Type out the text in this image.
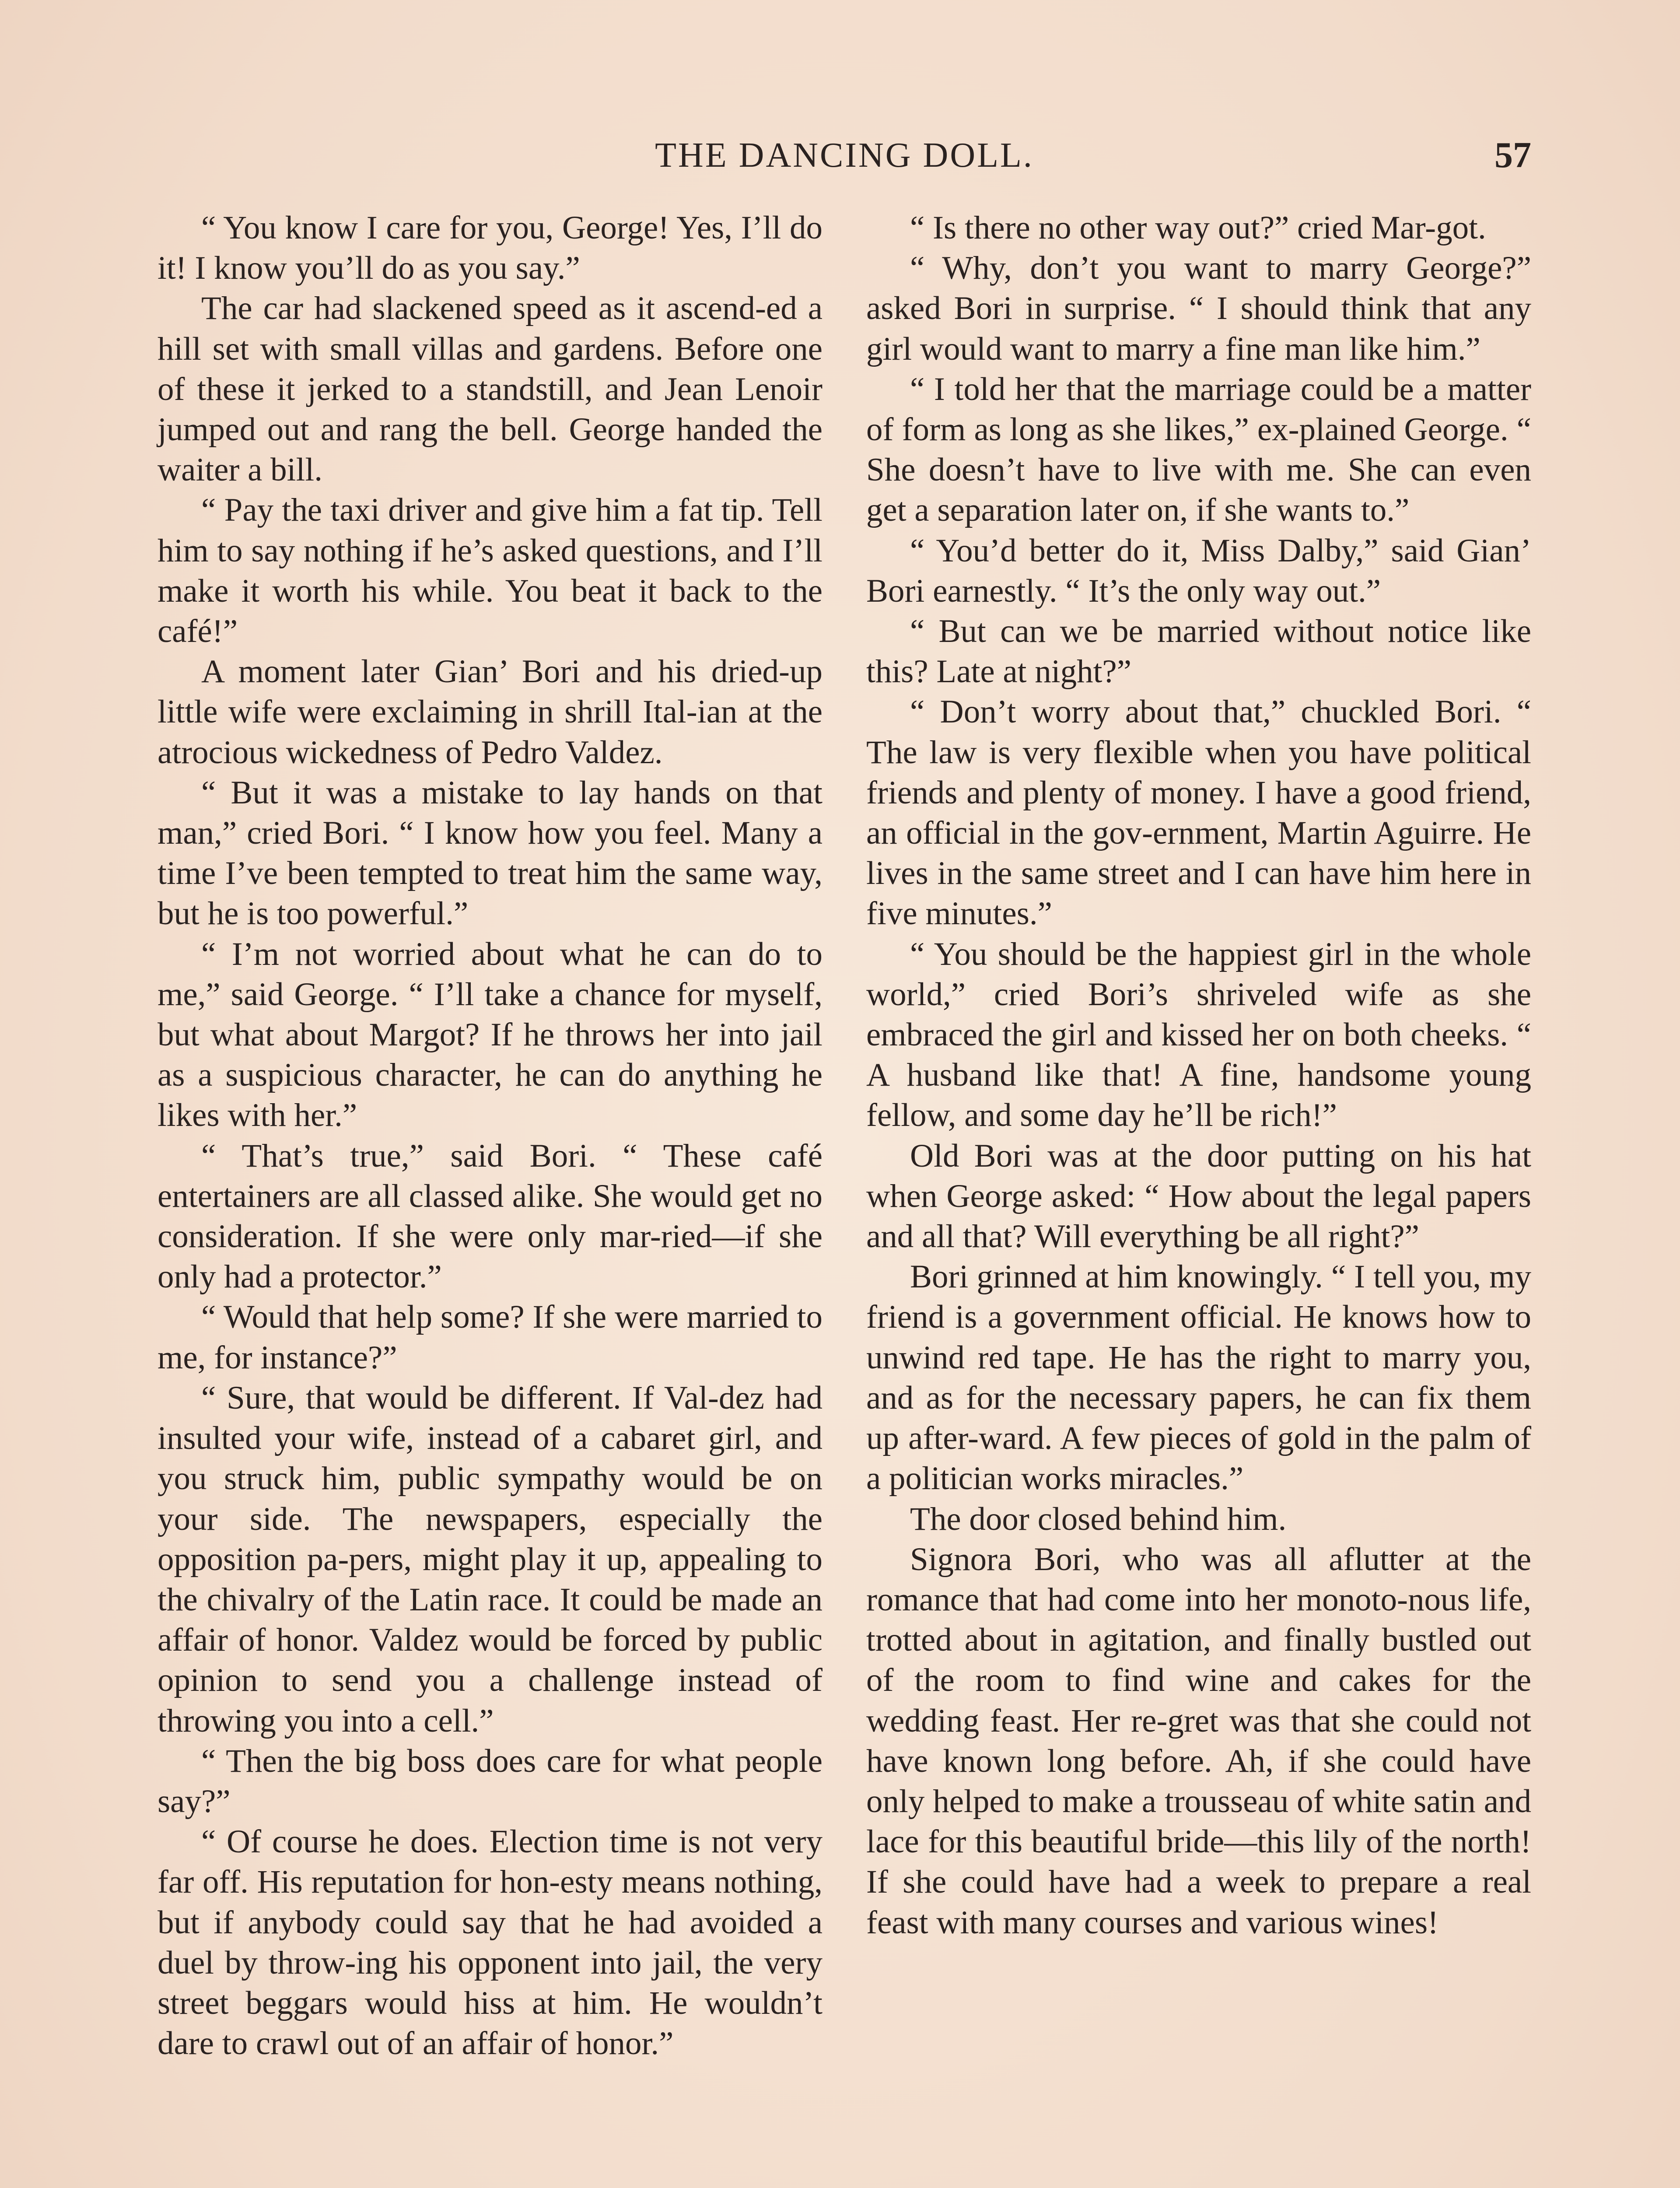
THE DANCING DOLL.	57

“ You know I care for you, George! Yes, I’ll do it! I know you’ll do as you say.”

The car had slackened speed as it ascend-ed a hill set with small villas and gardens. Before one of these it jerked to a standstill, and Jean Lenoir jumped out and rang the bell. George handed the waiter a bill.

“ Pay the taxi driver and give him a fat tip. Tell him to say nothing if he’s asked questions, and I’ll make it worth his while. You beat it back to the café!”

A moment later Gian’ Bori and his dried-up little wife were exclaiming in shrill Ital-ian at the atrocious wickedness of Pedro Valdez.

“ But it was a mistake to lay hands on that man,” cried Bori. “ I know how you feel. Many a time I’ve been tempted to treat him the same way, but he is too powerful.”

“ I’m not worried about what he can do to me,” said George. “ I’ll take a chance for myself, but what about Margot? If he throws her into jail as a suspicious character, he can do anything he likes with her.”

“ That’s true,” said Bori. “ These café entertainers are all classed alike. She would get no consideration. If she were only mar-ried—if she only had a protector.”

“ Would that help some? If she were married to me, for instance?”

“ Sure, that would be different. If Val-dez had insulted your wife, instead of a cabaret girl, and you struck him, public sympathy would be on your side. The newspapers, especially the opposition pa-pers, might play it up, appealing to the chivalry of the Latin race. It could be made an affair of honor. Valdez would be forced by public opinion to send you a challenge instead of throwing you into a cell.”

“ Then the big boss does care for what people say?”

“ Of course he does. Election time is not very far off. His reputation for hon-esty means nothing, but if anybody could say that he had avoided a duel by throw-ing his opponent into jail, the very street beggars would hiss at him. He wouldn’t dare to crawl out of an affair of honor.”

“ Is there no other way out?” cried Mar-got.

“ Why, don’t you want to marry George?” asked Bori in surprise. “ I should think that any girl would want to marry a fine man like him.”

“ I told her that the marriage could be a matter of form as long as she likes,” ex-plained George. “ She doesn’t have to live with me. She can even get a separation later on, if she wants to.”

“ You’d better do it, Miss Dalby,” said Gian’ Bori earnestly. “ It’s the only way out.”

“ But can we be married without notice like this? Late at night?”

“ Don’t worry about that,” chuckled Bori. “ The law is very flexible when you have political friends and plenty of money. I have a good friend, an official in the gov-ernment, Martin Aguirre. He lives in the same street and I can have him here in five minutes.”

“ You should be the happiest girl in the whole world,” cried Bori’s shriveled wife as she embraced the girl and kissed her on both cheeks. “ A husband like that! A fine, handsome young fellow, and some day he’ll be rich!”

Old Bori was at the door putting on his hat when George asked: “ How about the legal papers and all that? Will everything be all right?”

Bori grinned at him knowingly. “ I tell you, my friend is a government official. He knows how to unwind red tape. He has the right to marry you, and as for the necessary papers, he can fix them up after-ward. A few pieces of gold in the palm of a politician works miracles.”

The door closed behind him.

Signora Bori, who was all aflutter at the romance that had come into her monoto-nous life, trotted about in agitation, and finally bustled out of the room to find wine and cakes for the wedding feast. Her re-gret was that she could not have known long before. Ah, if she could have only helped to make a trousseau of white satin and lace for this beautiful bride—this lily of the north! If she could have had a week to prepare a real feast with many courses and various wines!
